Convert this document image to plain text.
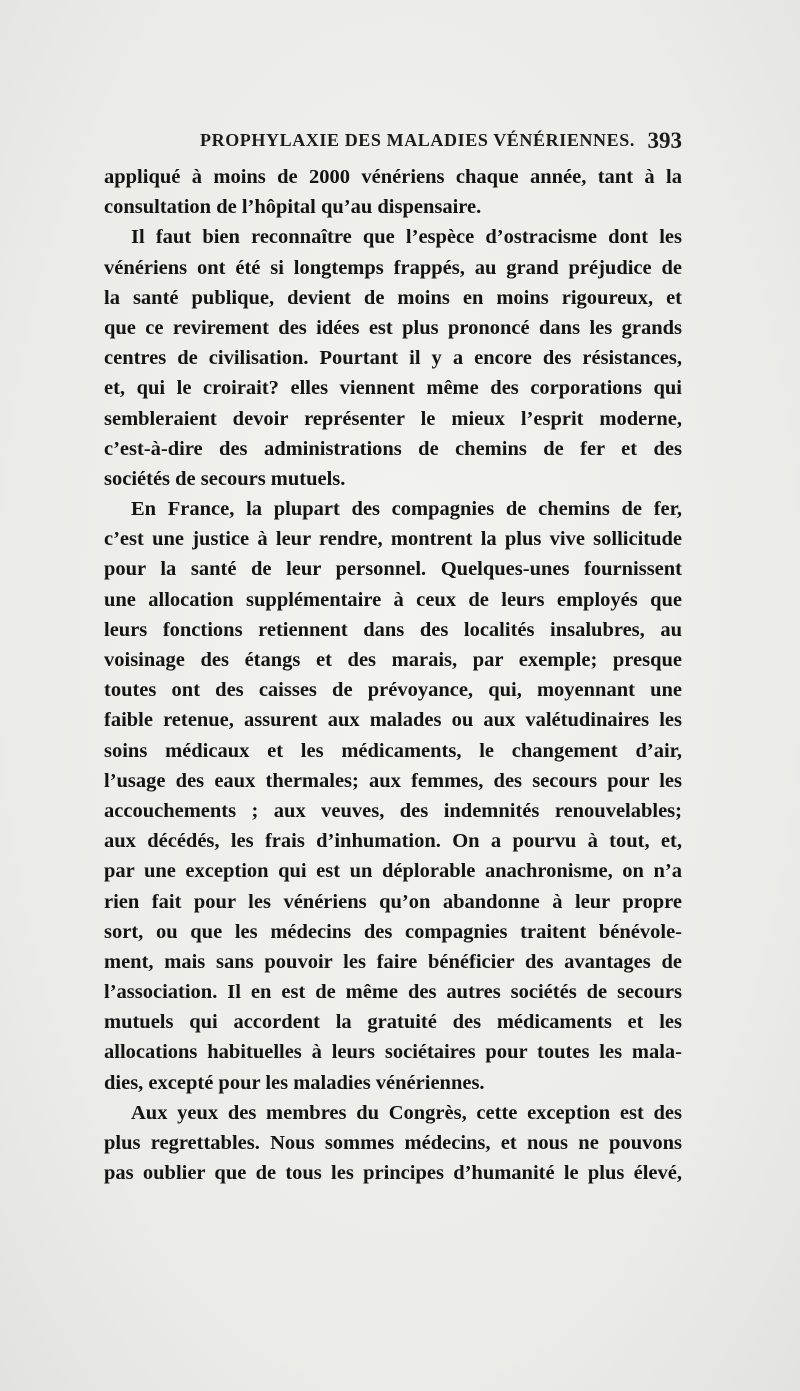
PROPHYLAXIE DES MALADIES VÉNÉRIENNES. 393
appliqué à moins de 2000 vénériens chaque année, tant à la
consultation de l’hôpital qu’au dispensaire.
Il faut bien reconnaître que l’espèce d’ostracisme dont les
vénériens ont été si longtemps frappés, au grand préjudice de
la santé publique, devient de moins en moins rigoureux, et
que ce revirement des idées est plus prononcé dans les grands
centres de civilisation. Pourtant il y a encore des résistances,
et, qui le croirait? elles viennent même des corporations qui
sembleraient devoir représenter le mieux l’esprit moderne,
c’est-à-dire des administrations de chemins de fer et des
sociétés de secours mutuels.
En France, la plupart des compagnies de chemins de fer,
c’est une justice à leur rendre, montrent la plus vive sollicitude
pour la santé de leur personnel. Quelques-unes fournissent
une allocation supplémentaire à ceux de leurs employés que
leurs fonctions retiennent dans des localités insalubres, au
voisinage des étangs et des marais, par exemple; presque
toutes ont des caisses de prévoyance, qui, moyennant une
faible retenue, assurent aux malades ou aux valétudinaires les
soins médicaux et les médicaments, le changement d’air,
l’usage des eaux thermales; aux femmes, des secours pour les
accouchements ; aux veuves, des indemnités renouvelables;
aux décédés, les frais d’inhumation. On a pourvu à tout, et,
par une exception qui est un déplorable anachronisme, on n’a
rien fait pour les vénériens qu’on abandonne à leur propre
sort, ou que les médecins des compagnies traitent bénévole-
ment, mais sans pouvoir les faire bénéficier des avantages de
l’association. Il en est de même des autres sociétés de secours
mutuels qui accordent la gratuité des médicaments et les
allocations habituelles à leurs sociétaires pour toutes les mala-
dies, excepté pour les maladies vénériennes.
Aux yeux des membres du Congrès, cette exception est des
plus regrettables. Nous sommes médecins, et nous ne pouvons
pas oublier que de tous les principes d’humanité le plus élevé,
